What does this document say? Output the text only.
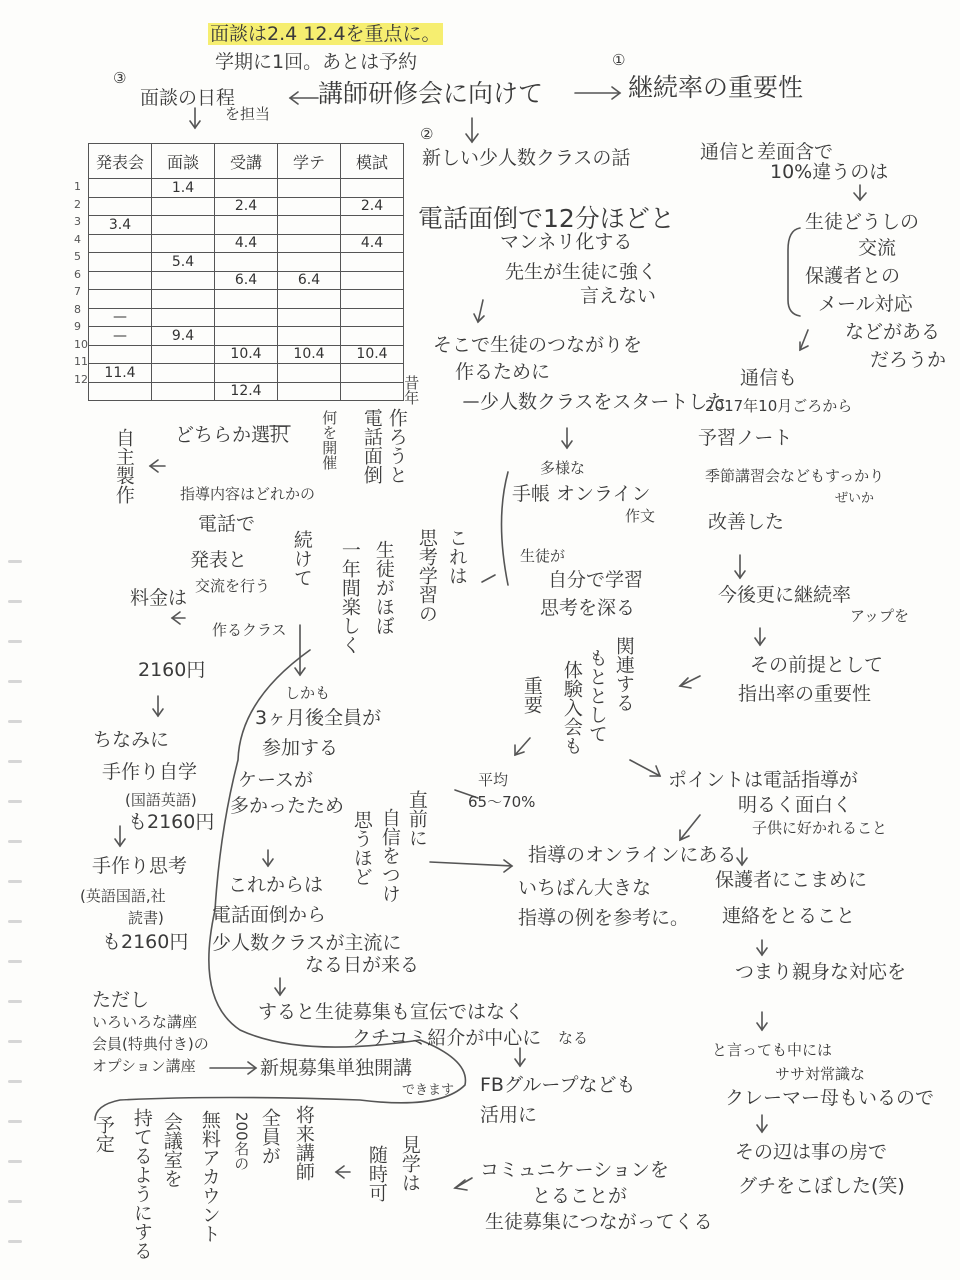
面談は2.4 12.4を重点に。
学期に1回。あとは予約
③
面談の日程
を担当
講師研修会に向けて
①
継続率の重要性
②
1
2
3
4
5
6
7
8
9
10
11
12
発表会	面談	受講	学テ	模試
	1.4			
		2.4		2.4
3.4				
		4.4		4.4
	5.4			
		6.4	6.4	

—				
—	9.4			
		10.4	10.4	10.4
11.4				
		12.4		
通信と差面含で
10%違うのは
生徒どうしの
交流
保護者との
メール対応
などがある
だろうか
通信も
2017年10月ごろから
予習ノート
季節講習会などもすっかり
ぜいか
改善した
今後更に継続率
アップを
その前提として
指出率の重要性
ポイントは電話指導が
明るく面白く
子供に好かれること
保護者にこまめに
連絡をとること
つまり親身な対応を
と言っても中には
ササ対常識な
クレーマー母もいるので
その辺は事の房で
グチをこぼした(笑)
新しい少人数クラスの話
電話面倒で12分ほどと
マンネリ化する
先生が生徒に強く
言えない
そこで生徒のつながりを
作るために
少人数クラスをスタートした
多様な
手帳 オンライン
作文
生徒が
自分で学習
思考を深る
平均
65〜70%
指導のオンラインにある
いちばん大きな
指導の例を参考に。
FBグループなども
活用に
コミュニケーションを
とることが
生徒募集につながってくる
これは
思考学習の
生徒がほぼ
一年間楽しく
続けて
電話面倒 作ろうと
何を開催
昔年
関連する
もととして
体験入会も
重要
直前に
自信をつけ
思うほど
自主製作
しかも
3ヶ月後全員が
参加する
ケースが
多かったため
これからは
電話面倒から
少人数クラスが主流に
なる日が来る
すると生徒募集も宣伝ではなく
クチコミ紹介が中心に なる
新規募集単独開講
できます
どちらか選択
指導内容はどれかの
電話で
発表と
交流を行う
作るクラス
料金は
2160円
ちなみに
手作り自学
(国語英語)
も2160円
手作り思考
(英語国語,社
読書)
も2160円
ただし
いろいろな講座
会員(特典付き)の
オプション講座
見学は
随時可
将来講師
全員が
200名の
無料アカウント
会議室を
持てるようにする
予定
